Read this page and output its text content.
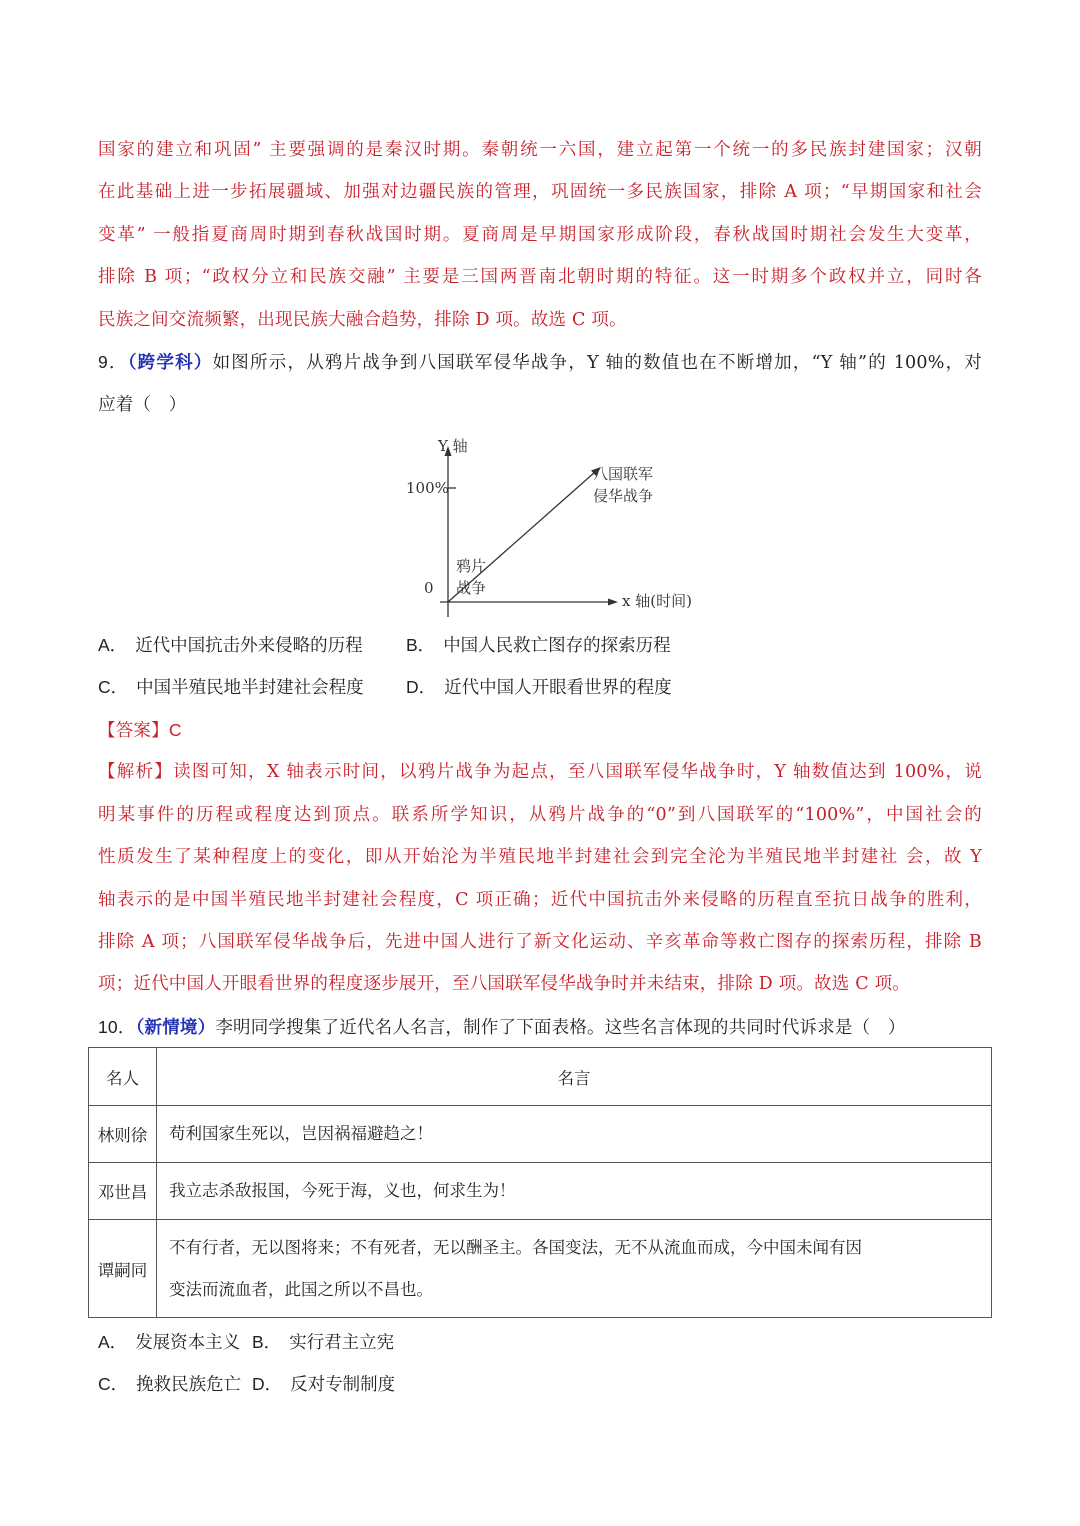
国家的建立和巩固” 主要强调的是秦汉时期。秦朝统一六国，建立起第一个统一的多民族封建国家；汉朝
在此基础上进一步拓展疆域、加强对边疆民族的管理，巩固统一多民族国家，排除 A 项；“早期国家和社会
变革” 一般指夏商周时期到春秋战国时期。夏商周是早期国家形成阶段，春秋战国时期社会发生大变革，
排除 B 项；“政权分立和民族交融” 主要是三国两晋南北朝时期的特征。这一时期多个政权并立，同时各
民族之间交流频繁，出现民族大融合趋势，排除 D 项。故选 C 项。
9．（跨学科）如图所示，从鸦片战争到八国联军侵华战争，Y 轴的数值也在不断增加，“Y 轴”的 100%，对
应着（　）
Y 轴
100%
0
x 轴(时间)
鸦片
战争
八国联军
侵华战争
A． 近代中国抗击外来侵略的历程 B． 中国人民救亡图存的探索历程
C． 中国半殖民地半封建社会程度 D． 近代中国人开眼看世界的程度
【答案】C
【解析】读图可知，X 轴表示时间，以鸦片战争为起点，至八国联军侵华战争时，Y 轴数值达到 100%，说
明某事件的历程或程度达到顶点。联系所学知识，从鸦片战争的“0”到八国联军的“100%”，中国社会的
性质发生了某种程度上的变化，即从开始沦为半殖民地半封建社会到完全沦为半殖民地半封建社 会，故 Y
轴表示的是中国半殖民地半封建社会程度，C 项正确；近代中国抗击外来侵略的历程直至抗日战争的胜利，
排除 A 项；八国联军侵华战争后，先进中国人进行了新文化运动、辛亥革命等救亡图存的探索历程，排除 B
项；近代中国人开眼看世界的程度逐步展开，至八国联军侵华战争时并未结束，排除 D 项。故选 C 项。
10．（新情境）李明同学搜集了近代名人名言，制作了下面表格。这些名言体现的共同时代诉求是（　）
名人	名言
林则徐	苟利国家生死以，岂因祸福避趋之！
邓世昌	我立志杀敌报国，今死于海，义也，何求生为！
谭嗣同	不有行者，无以图将来；不有死者，无以酬圣主。各国变法，无不从流血而成，今中国未闻有因
变法而流血者，此国之所以不昌也。
A． 发展资本主义 B． 实行君主立宪
C． 挽救民族危亡 D． 反对专制制度
